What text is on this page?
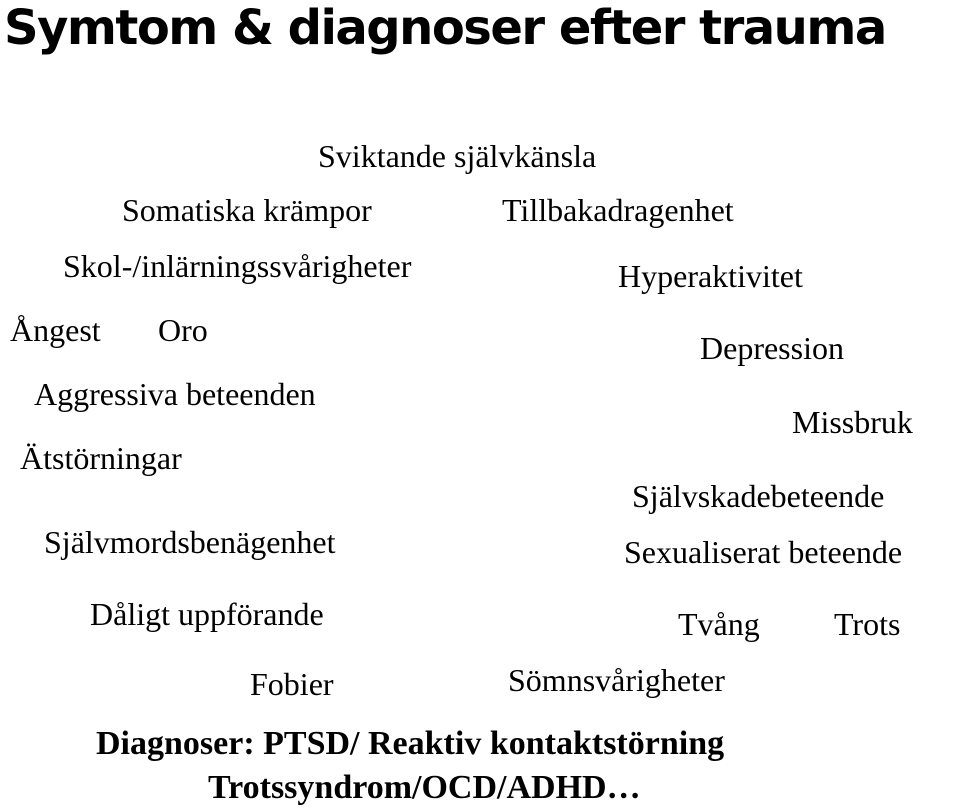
Symtom & diagnoser efter trauma
Sviktande självkänsla
Somatiska krämpor	Tillbakadragenhet
Skol-/inlärningssvårigheter	Hyperaktivitet
Ångest Oro	Depression
Aggressiva beteenden
Missbruk
Ätstörningar
Självskadebeteende
Självmordsbenägenhet	Sexualiserat beteende
Dåligt uppförande	Tvång Trots
Fobier	Sömnsvårigheter
Diagnoser: PTSD/ Reaktiv kontaktstörning
Trotssyndrom/OCD/ADHD…
